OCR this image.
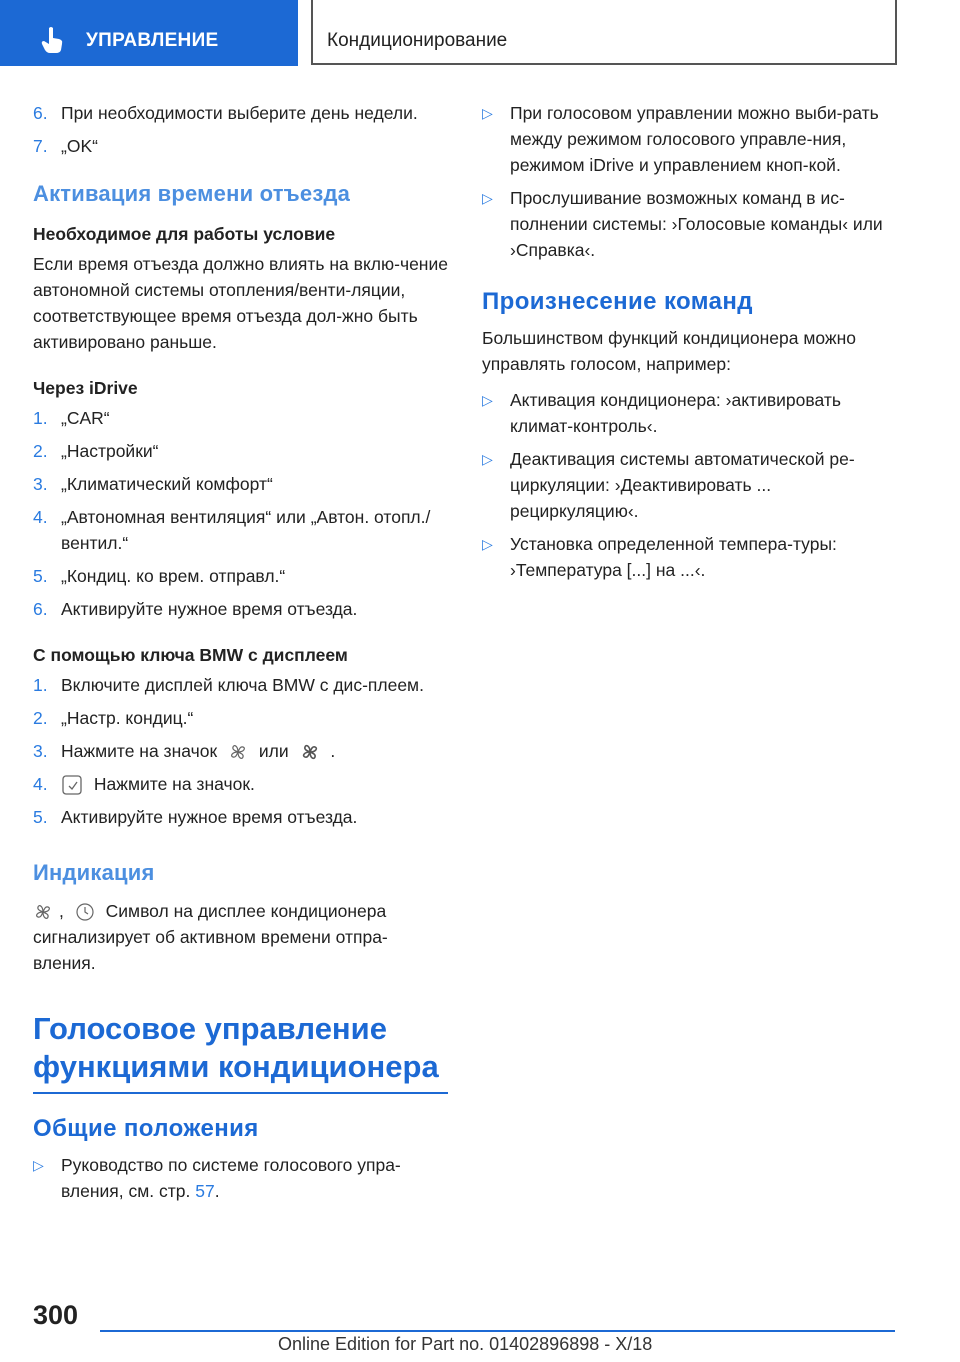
УПРАВЛЕНИЕ	Кондиционирование
6. При необходимости выберите день недели.
7. „OK“
Активация времени отъезда
Необходимое для работы условие
Если время отъезда должно влиять на вклю-чение автономной системы отопления/венти-ляции, соответствующее время отъезда дол-жно быть активировано раньше.
Через iDrive
1. „CAR“
2. „Настройки“
3. „Климатический комфорт“
4. „Автономная вентиляция“ или „Автон. отопл./вентил.“
5. „Кондиц. ко врем. отправл.“
6. Активируйте нужное время отъезда.
С помощью ключа BMW с дисплеем
1. Включите дисплей ключа BMW с дис-плеем.
2. „Настр. кондиц.“
3. Нажмите на значок или .
4.	Нажмите на значок.
5. Активируйте нужное время отъезда.
Индикация
, Символ на дисплее кондиционера сигнализирует об активном времени отпра-вления.
Голосовое управление функциями кондиционера
Общие положения
▷ Руководство по системе голосового упра-вления, см. стр. 57.
▷ При голосовом управлении можно выби-рать между режимом голосового управле-ния, режимом iDrive и управлением кноп-кой.
▷ Прослушивание возможных команд в ис-полнении системы: ›Голосовые команды‹ или ›Справка‹.
Произнесение команд
Большинством функций кондиционера можно управлять голосом, например:
▷ Активация кондиционера: ›активировать климат-контроль‹.
▷ Деактивация системы автоматической ре-циркуляции: ›Деактивировать ... рециркуляцию‹.
▷ Установка определенной темпера-туры: ›Температура [...] на ...‹.
300
Online Edition for Part no. 01402896898 - X/18
